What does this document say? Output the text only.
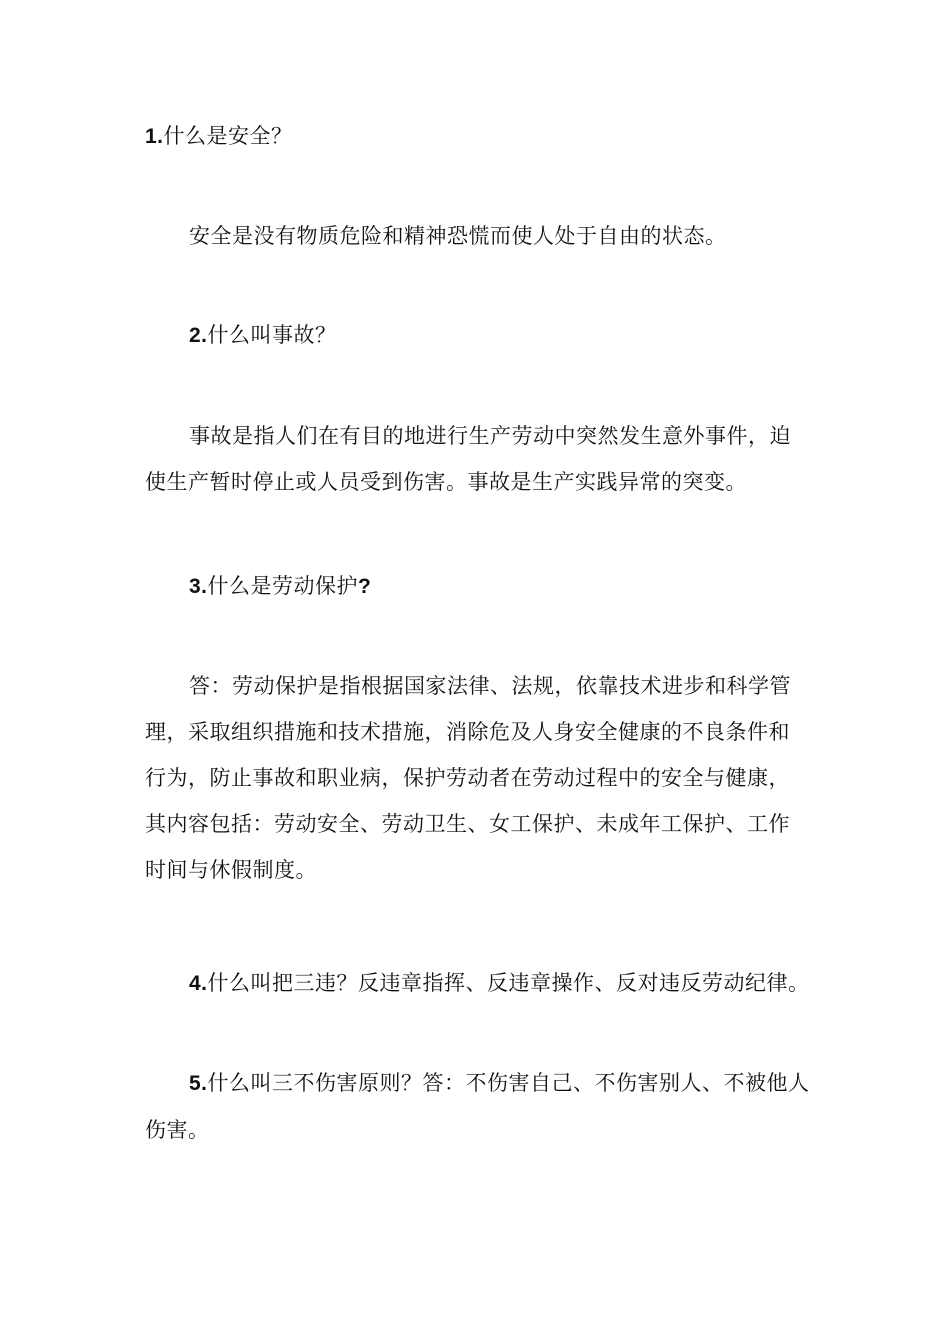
1.什么是安全？

安全是没有物质危险和精神恐慌而使人处于自由的状态。

2.什么叫事故？

事故是指人们在有目的地进行生产劳动中突然发生意外事件，迫使生产暂时停止或人员受到伤害。事故是生产实践异常的突变。

3.什么是劳动保护?

答：劳动保护是指根据国家法律、法规，依靠技术进步和科学管理，采取组织措施和技术措施，消除危及人身安全健康的不良条件和行为，防止事故和职业病，保护劳动者在劳动过程中的安全与健康，其内容包括：劳动安全、劳动卫生、女工保护、未成年工保护、工作时间与休假制度。

4.什么叫把三违？反违章指挥、反违章操作、反对违反劳动纪律。

5.什么叫三不伤害原则？答：不伤害自己、不伤害别人、不被他人伤害。
